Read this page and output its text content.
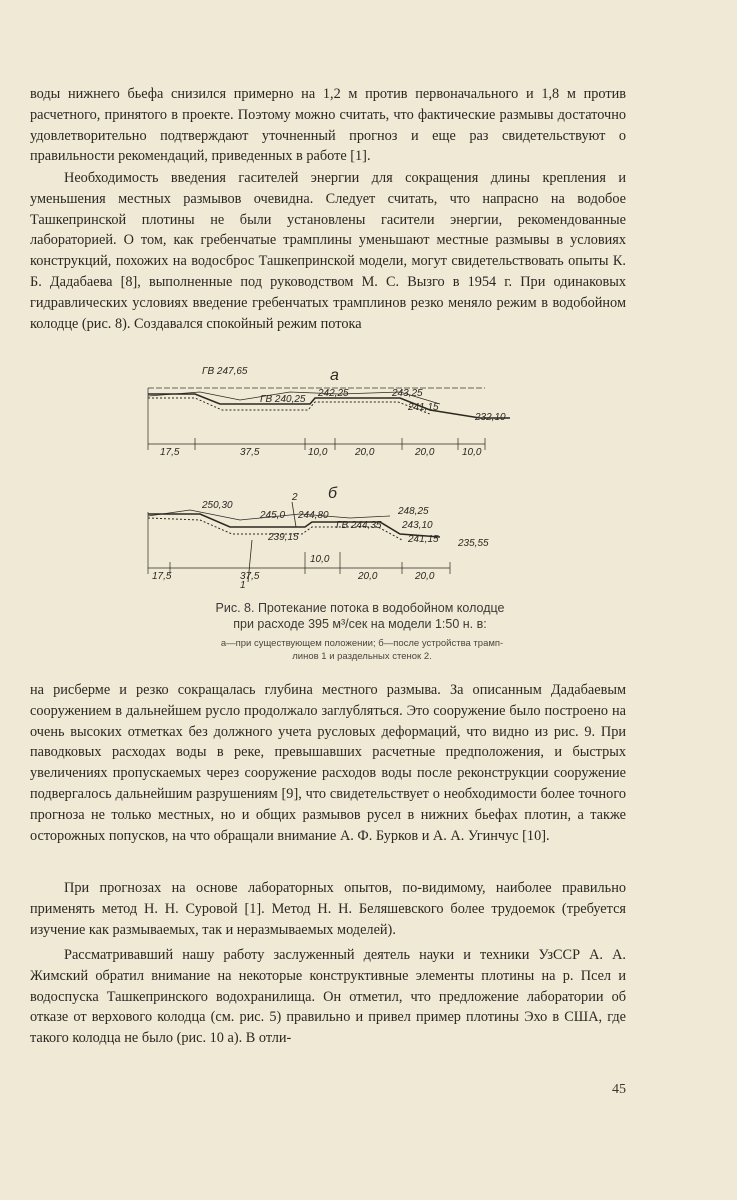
воды нижнего бьефа снизился примерно на 1,2 м против первоначального и 1,8 м против расчетного, принятого в проекте. Поэтому можно считать, что фактические размывы достаточно удовлетворительно подтверждают уточненный прогноз и еще раз свидетельствуют о правильности рекомендаций, приведенных в работе [1].

Необходимость введения гасителей энергии для сокращения длины крепления и уменьшения местных размывов очевидна. Следует считать, что напрасно на водобое Ташкепринской плотины не были установлены гасители энергии, рекомендованные лабораторией. О том, как гребенчатые трамплины уменьшают местные размывы в условиях конструкций, похожих на водосброс Ташкепринской модели, могут свидетельствовать опыты К. Б. Дадабаева [8], выполненные под руководством М. С. Вызго в 1954 г. При одинаковых гидравлических условиях введение гребенчатых трамплинов резко меняло режим в водобойном колодце (рис. 8). Создавался спокойный режим потока

а
ГВ 247,65
ГВ 240,25
242,25	243,25
241,15
232,10
17,5	37,5	10,0	20,0	20,0	10,0
б
250,30
245,0 244,80
239,15
ГВ 244,35
248,25
243,10
241,15 235,55
2
1
17,5	37,5
10,0
20,0	20,0
Рис. 8. Протекание потока в водобойном колодце
при расходе 395 м³/сек на модели 1:50 н. в:
а—при существующем положении; б—после устройства трамп-
линов 1 и раздельных стенок 2.

на рисберме и резко сокращалась глубина местного размыва. За описанным Дадабаевым сооружением в дальнейшем русло продолжало заглубляться. Это сооружение было построено на очень высоких отметках без должного учета русловых деформаций, что видно из рис. 9. При паводковых расходах воды в реке, превышавших расчетные предположения, и быстрых увеличениях пропускаемых через сооружение расходов воды после реконструкции сооружение подвергалось дальнейшим разрушениям [9], что свидетельствует о необходимости более точного прогноза не только местных, но и общих размывов русел в нижних бьефах плотин, а также осторожных попусков, на что обращали внимание А. Ф. Бурков и А. А. Угинчус [10].

При прогнозах на основе лабораторных опытов, по-видимому, наиболее правильно применять метод Н. Н. Суровой [1]. Метод Н. Н. Беляшевского более трудоемок (требуется изучение как размываемых, так и неразмываемых моделей).

Рассматривавший нашу работу заслуженный деятель науки и техники УзССР А. А. Жимский обратил внимание на некоторые конструктивные элементы плотины на р. Псел и водоспуска Ташкепринского водохранилища. Он отметил, что предложение лаборатории об отказе от верхового колодца (см. рис. 5) правильно и привел пример плотины Эхо в США, где такого колодца не было (рис. 10 а). В отли-

45
